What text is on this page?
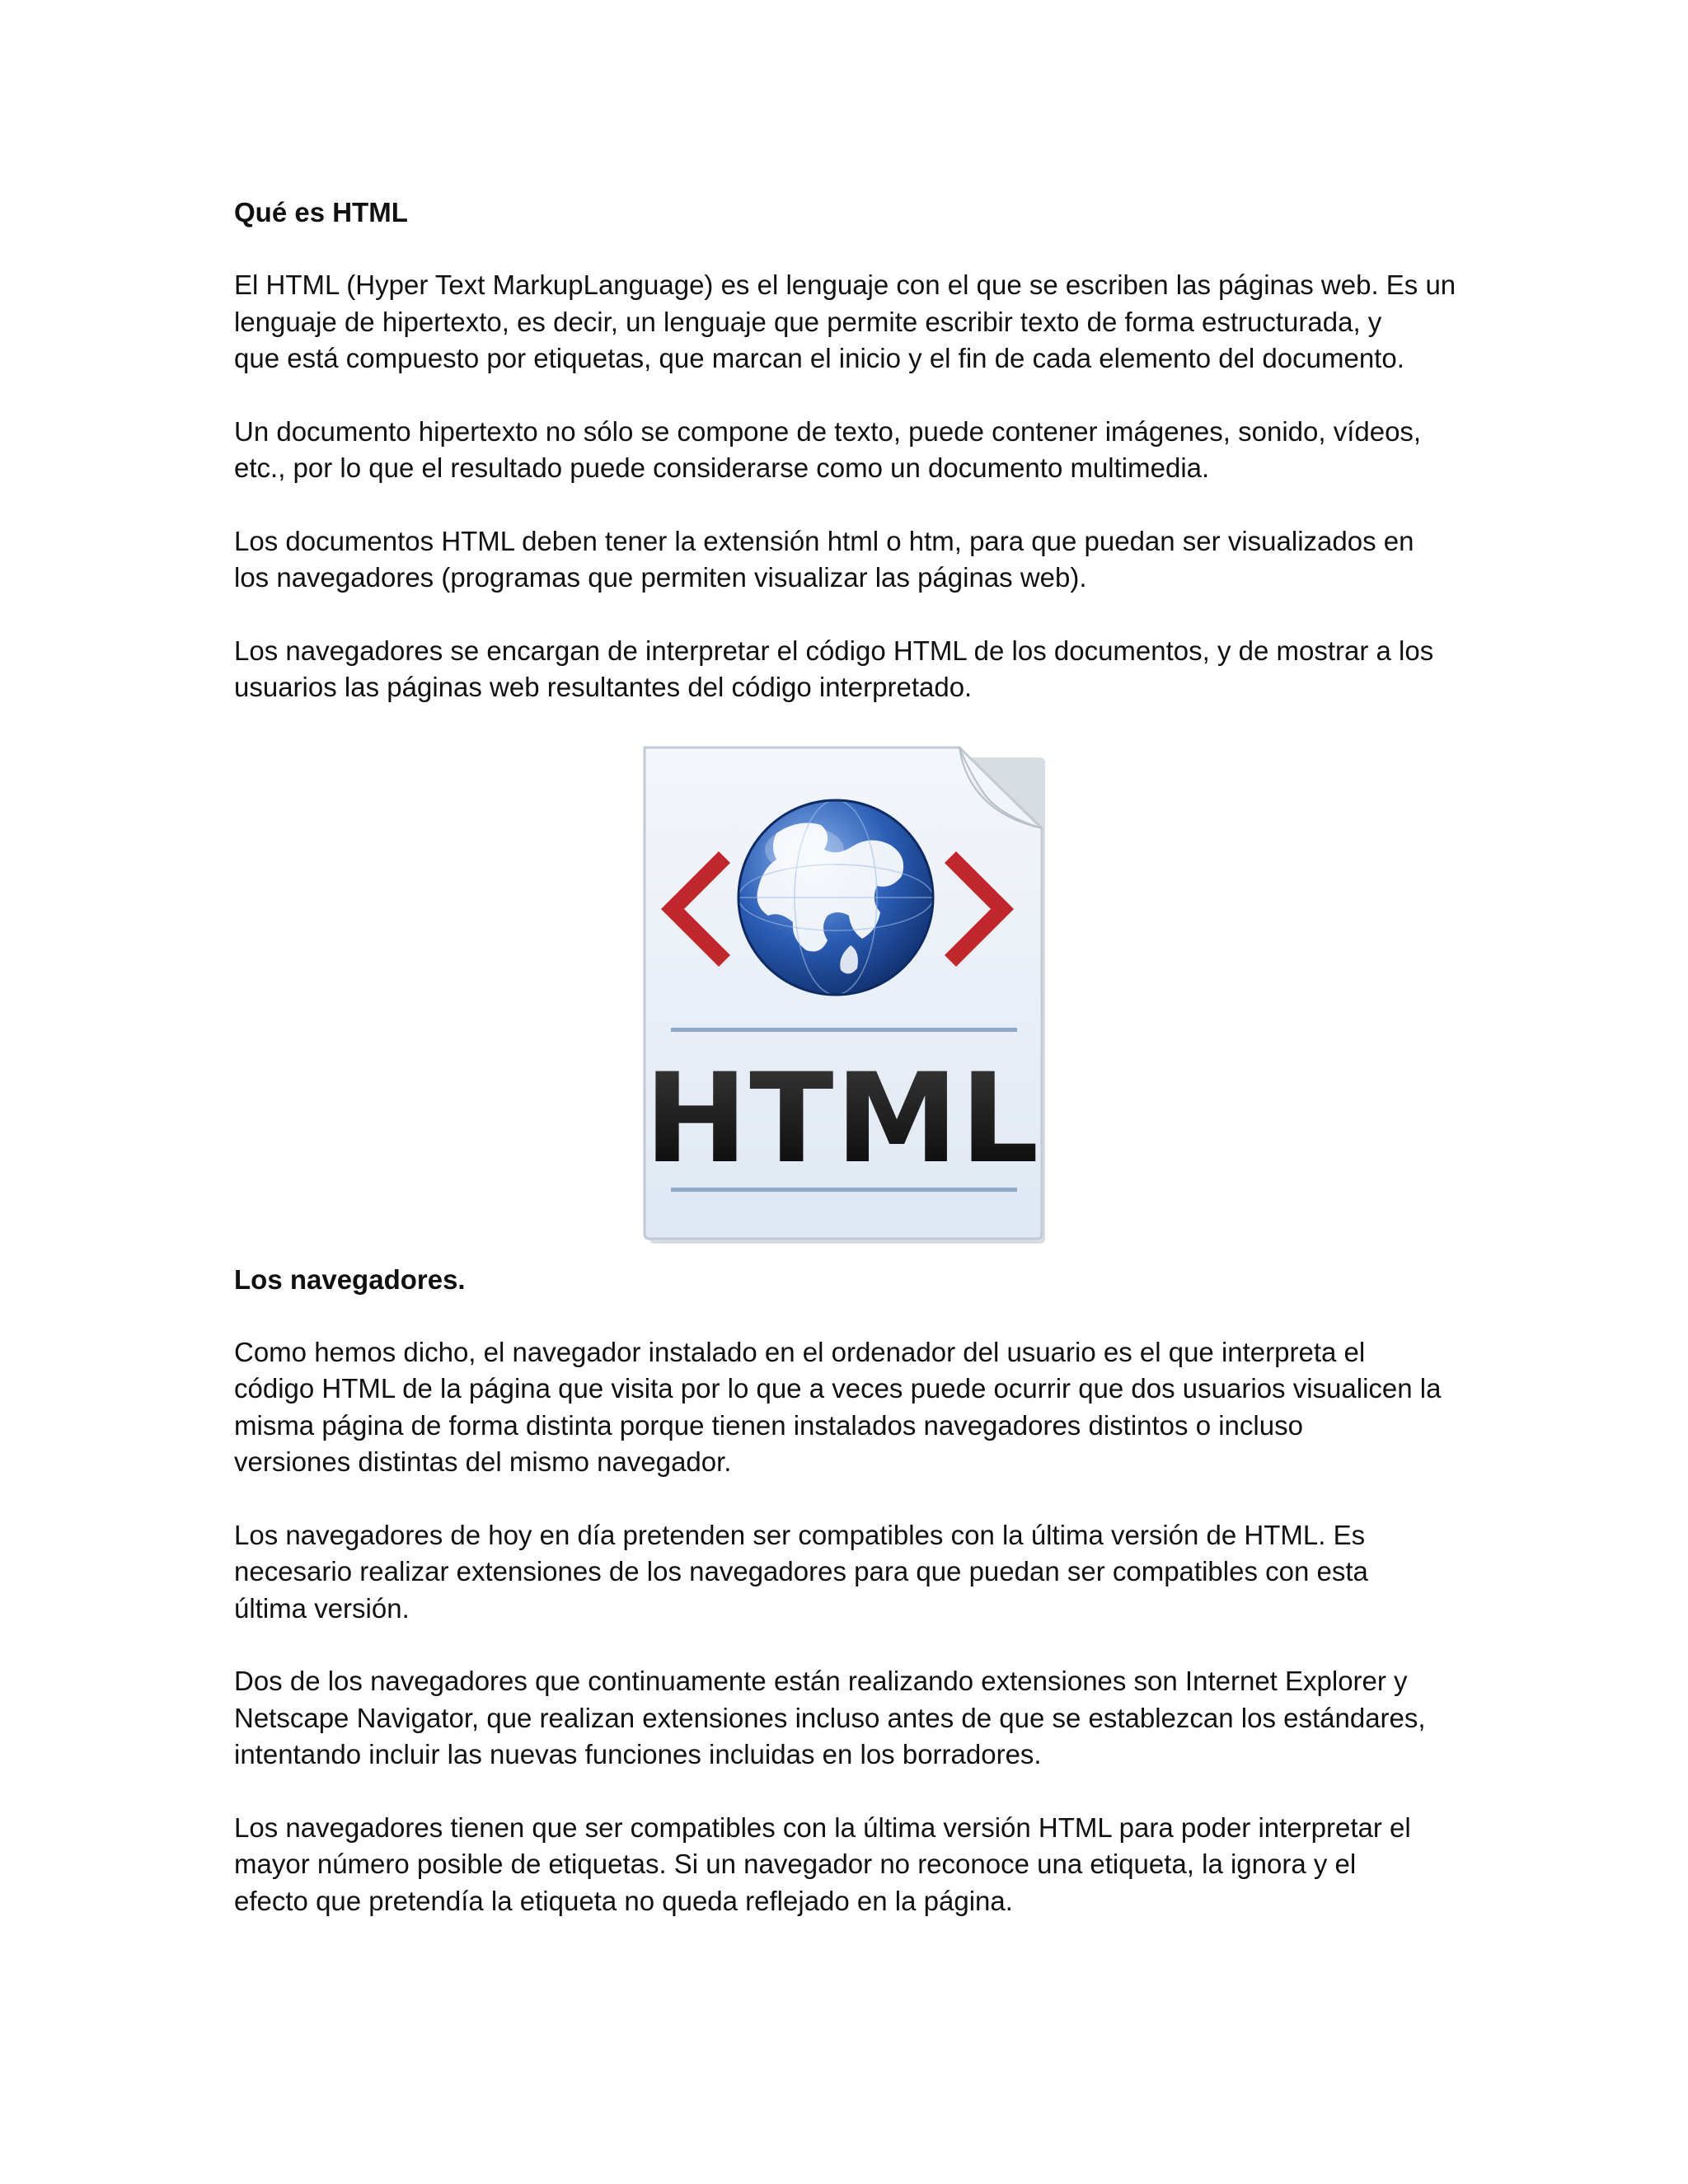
Qué es HTML

El HTML (Hyper Text MarkupLanguage) es el lenguaje con el que se escriben las páginas web. Es un
lenguaje de hipertexto, es decir, un lenguaje que permite escribir texto de forma estructurada, y
que está compuesto por etiquetas, que marcan el inicio y el fin de cada elemento del documento.

Un documento hipertexto no sólo se compone de texto, puede contener imágenes, sonido, vídeos,
etc., por lo que el resultado puede considerarse como un documento multimedia.

Los documentos HTML deben tener la extensión html o htm, para que puedan ser visualizados en
los navegadores (programas que permiten visualizar las páginas web).

Los navegadores se encargan de interpretar el código HTML de los documentos, y de mostrar a los
usuarios las páginas web resultantes del código interpretado.

HTML
Los navegadores.

Como hemos dicho, el navegador instalado en el ordenador del usuario es el que interpreta el
código HTML de la página que visita por lo que a veces puede ocurrir que dos usuarios visualicen la
misma página de forma distinta porque tienen instalados navegadores distintos o incluso
versiones distintas del mismo navegador.

Los navegadores de hoy en día pretenden ser compatibles con la última versión de HTML. Es
necesario realizar extensiones de los navegadores para que puedan ser compatibles con esta
última versión.

Dos de los navegadores que continuamente están realizando extensiones son Internet Explorer y
Netscape Navigator, que realizan extensiones incluso antes de que se establezcan los estándares,
intentando incluir las nuevas funciones incluidas en los borradores.

Los navegadores tienen que ser compatibles con la última versión HTML para poder interpretar el
mayor número posible de etiquetas. Si un navegador no reconoce una etiqueta, la ignora y el
efecto que pretendía la etiqueta no queda reflejado en la página.
